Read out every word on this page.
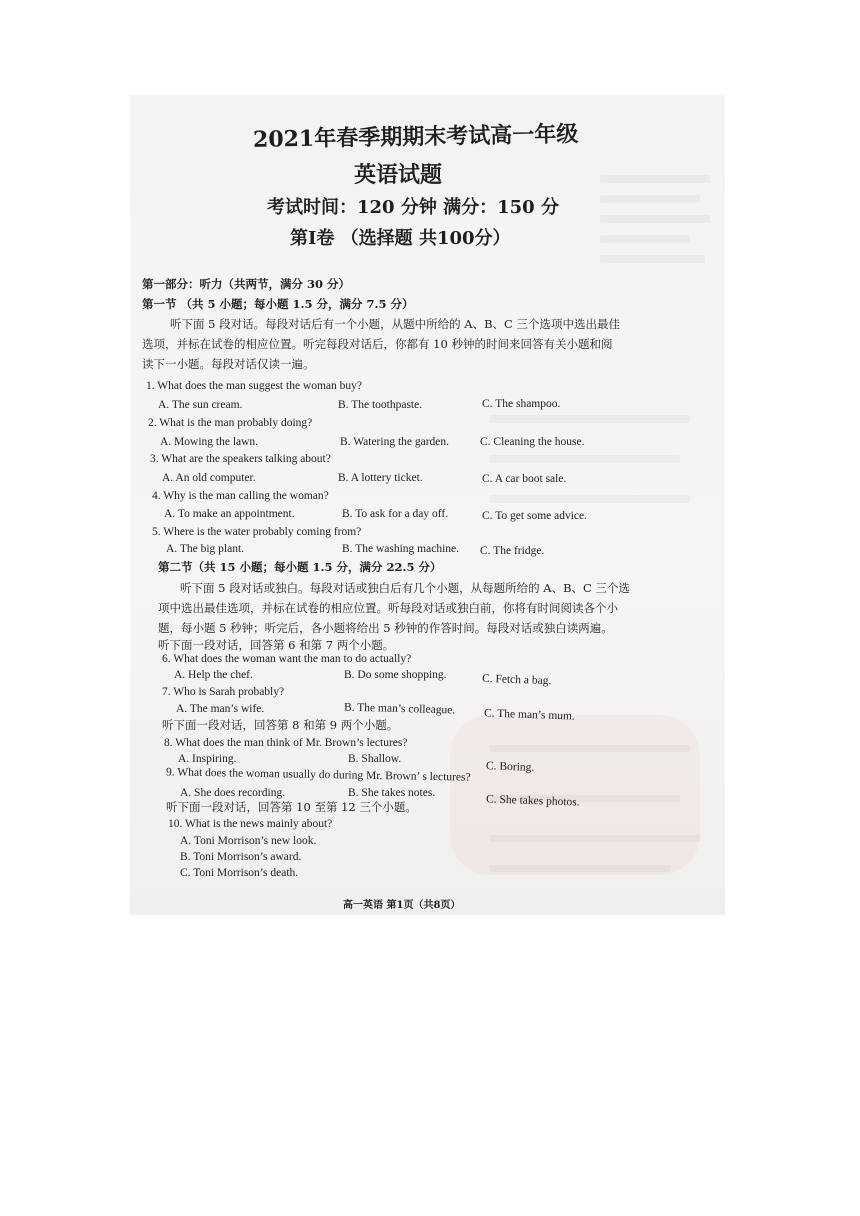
2021年春季期期末考试高一年级
英语试题
考试时间：120 分钟 满分：150 分
第Ⅰ卷 （选择题 共100分）
第一部分：听力（共两节，满分 30 分）
第一节 （共 5 小题；每小题 1.5 分，满分 7.5 分）
听下面 5 段对话。每段对话后有一个小题，从题中所给的 A、B、C 三个选项中选出最佳
选项，并标在试卷的相应位置。听完每段对话后，你都有 10 秒钟的时间来回答有关小题和阅
读下一小题。每段对话仅读一遍。
1. What does the man suggest the woman buy?
A. The sun cream.	B. The toothpaste.	C. The shampoo.
2. What is the man probably doing?
A. Mowing the lawn.	B. Watering the garden.	C. Cleaning the house.
3. What are the speakers talking about?
A. An old computer.	B. A lottery ticket.	C. A car boot sale.
4. Why is the man calling the woman?
A. To make an appointment.	B. To ask for a day off.	C. To get some advice.
5. Where is the water probably coming from?
A. The big plant.	B. The washing machine. C. The fridge.
第二节（共 15 小题；每小题 1.5 分，满分 22.5 分）
听下面 5 段对话或独白。每段对话或独白后有几个小题，从每题所给的 A、B、C 三个选
项中选出最佳选项，并标在试卷的相应位置。听每段对话或独白前，你将有时间阅读各个小
题，每小题 5 秒钟；听完后，各小题将给出 5 秒钟的作答时间。每段对话或独白读两遍。
听下面一段对话，回答第 6 和第 7 两个小题。
6. What does the woman want the man to do actually?
A. Help the chef.	B. Do some shopping.	C. Fetch a bag.
7. Who is Sarah probably?
A. The man’s wife.	B. The man’s colleague. C. The man’s mum.
听下面一段对话，回答第 8 和第 9 两个小题。
8. What does the man think of Mr. Brown’s lectures?
A. Inspiring.	B. Shallow.
C. Boring.
9. What does the woman usually do during Mr. Brown’ s lectures?
A. She does recording.	B. She takes notes.
C. She takes photos.
听下面一段对话，回答第 10 至第 12 三个小题。
10. What is the news mainly about?
A. Toni Morrison’s new look.
B. Toni Morrison’s award.
C. Toni Morrison’s death.
高一英语 第1页（共8页）
